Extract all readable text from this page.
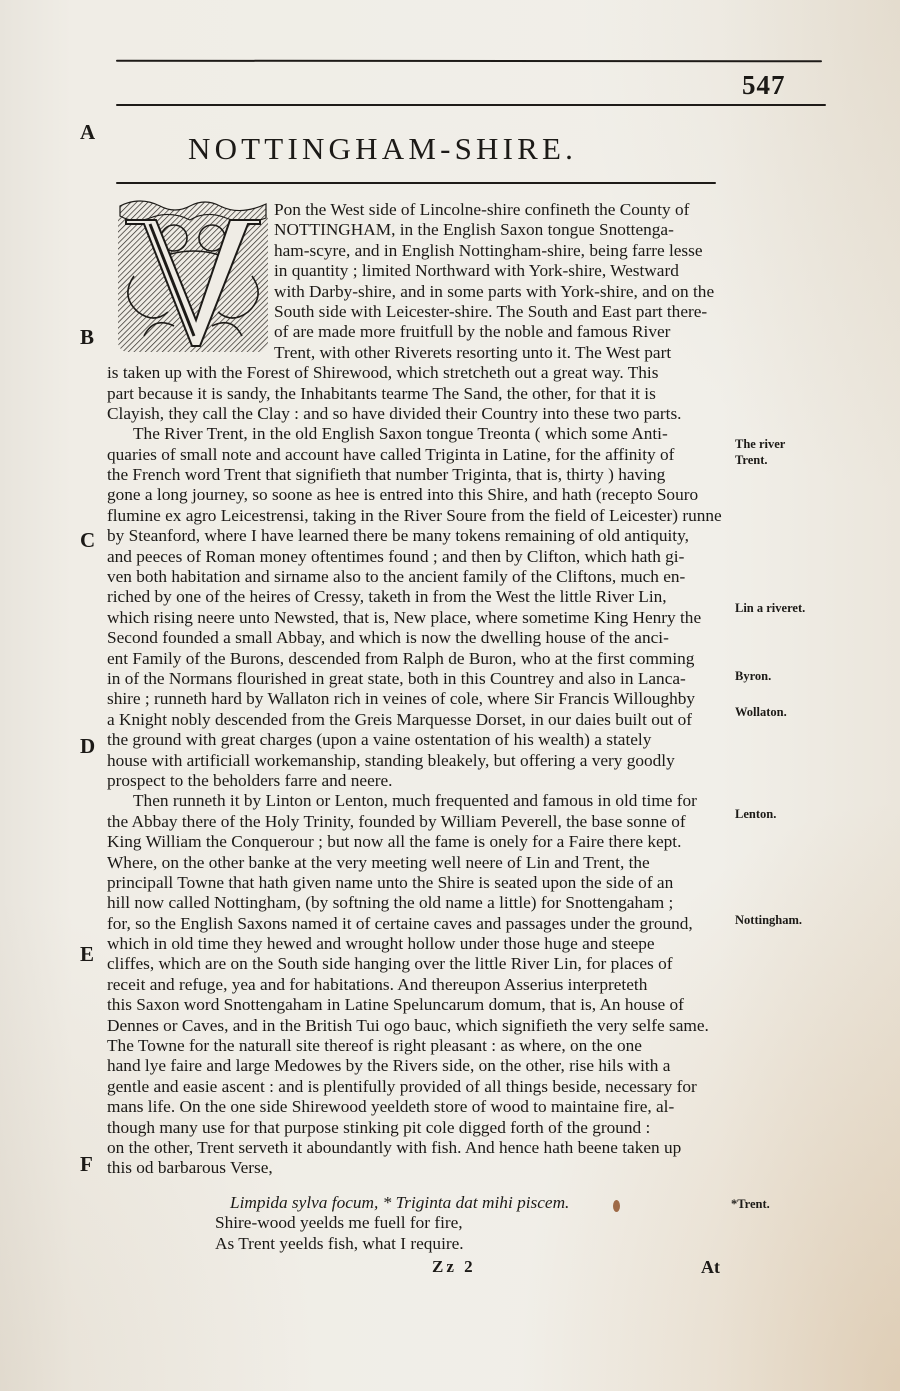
547
A
B
C
D
E
F
NOTTINGHAM-SHIRE.
Pon the West side of Lincolne-shire confineth the County of
NOTTINGHAM, in the English Saxon tongue Snottenga-
ham-scyre, and in English Nottingham-shire, being farre lesse
in quantity ; limited Northward with York-shire, Westward
with Darby-shire, and in some parts with York-shire, and on the
South side with Leicester-shire. The South and East part there-
of are made more fruitfull by the noble and famous River
Trent, with other Riverets resorting unto it. The West part
is taken up with the Forest of Shirewood, which stretcheth out a great way. This
part because it is sandy, the Inhabitants tearme The Sand, the other, for that it is
Clayish, they call the Clay : and so have divided their Country into these two parts.
The River Trent, in the old English Saxon tongue Treonta ( which some Anti-
quaries of small note and account have called Triginta in Latine, for the affinity of
the French word Trent that signifieth that number Triginta, that is, thirty ) having
gone a long journey, so soone as hee is entred into this Shire, and hath (recepto Souro
flumine ex agro Leicestrensi, taking in the River Soure from the field of Leicester) runne
by Steanford, where I have learned there be many tokens remaining of old antiquity,
and peeces of Roman money oftentimes found ; and then by Clifton, which hath gi-
ven both habitation and sirname also to the ancient family of the Cliftons, much en-
riched by one of the heires of Cressy, taketh in from the West the little River Lin,
which rising neere unto Newsted, that is, New place, where sometime King Henry the
Second founded a small Abbay, and which is now the dwelling house of the anci-
ent Family of the Burons, descended from Ralph de Buron, who at the first comming
in of the Normans flourished in great state, both in this Countrey and also in Lanca-
shire ; runneth hard by Wallaton rich in veines of cole, where Sir Francis Willoughby
a Knight nobly descended from the Greis Marquesse Dorset, in our daies built out of
the ground with great charges (upon a vaine ostentation of his wealth) a stately
house with artificiall workemanship, standing bleakely, but offering a very goodly
prospect to the beholders farre and neere.
Then runneth it by Linton or Lenton, much frequented and famous in old time for
the Abbay there of the Holy Trinity, founded by William Peverell, the base sonne of
King William the Conquerour ; but now all the fame is onely for a Faire there kept.
Where, on the other banke at the very meeting well neere of Lin and Trent, the
principall Towne that hath given name unto the Shire is seated upon the side of an
hill now called Nottingham, (by softning the old name a little) for Snottengaham ;
for, so the English Saxons named it of certaine caves and passages under the ground,
which in old time they hewed and wrought hollow under those huge and steepe
cliffes, which are on the South side hanging over the little River Lin, for places of
receit and refuge, yea and for habitations. And thereupon Asserius interpreteth
this Saxon word Snottengaham in Latine Speluncarum domum, that is, An house of
Dennes or Caves, and in the British Tui ogo bauc, which signifieth the very selfe same.
The Towne for the naturall site thereof is right pleasant : as where, on the one
hand lye faire and large Medowes by the Rivers side, on the other, rise hils with a
gentle and easie ascent : and is plentifully provided of all things beside, necessary for
mans life. On the one side Shirewood yeeldeth store of wood to maintaine fire, al-
though many use for that purpose stinking pit cole digged forth of the ground :
on the other, Trent serveth it aboundantly with fish. And hence hath beene taken up
this od barbarous Verse,
Limpida sylva focum, * Triginta dat mihi piscem.
Shire-wood yeelds me fuell for fire,
As Trent yeelds fish, what I require.
The river
Trent.
Lin a riveret.
Byron.
Wollaton.
Lenton.
Nottingham.
*Trent.
Zz 2	At
